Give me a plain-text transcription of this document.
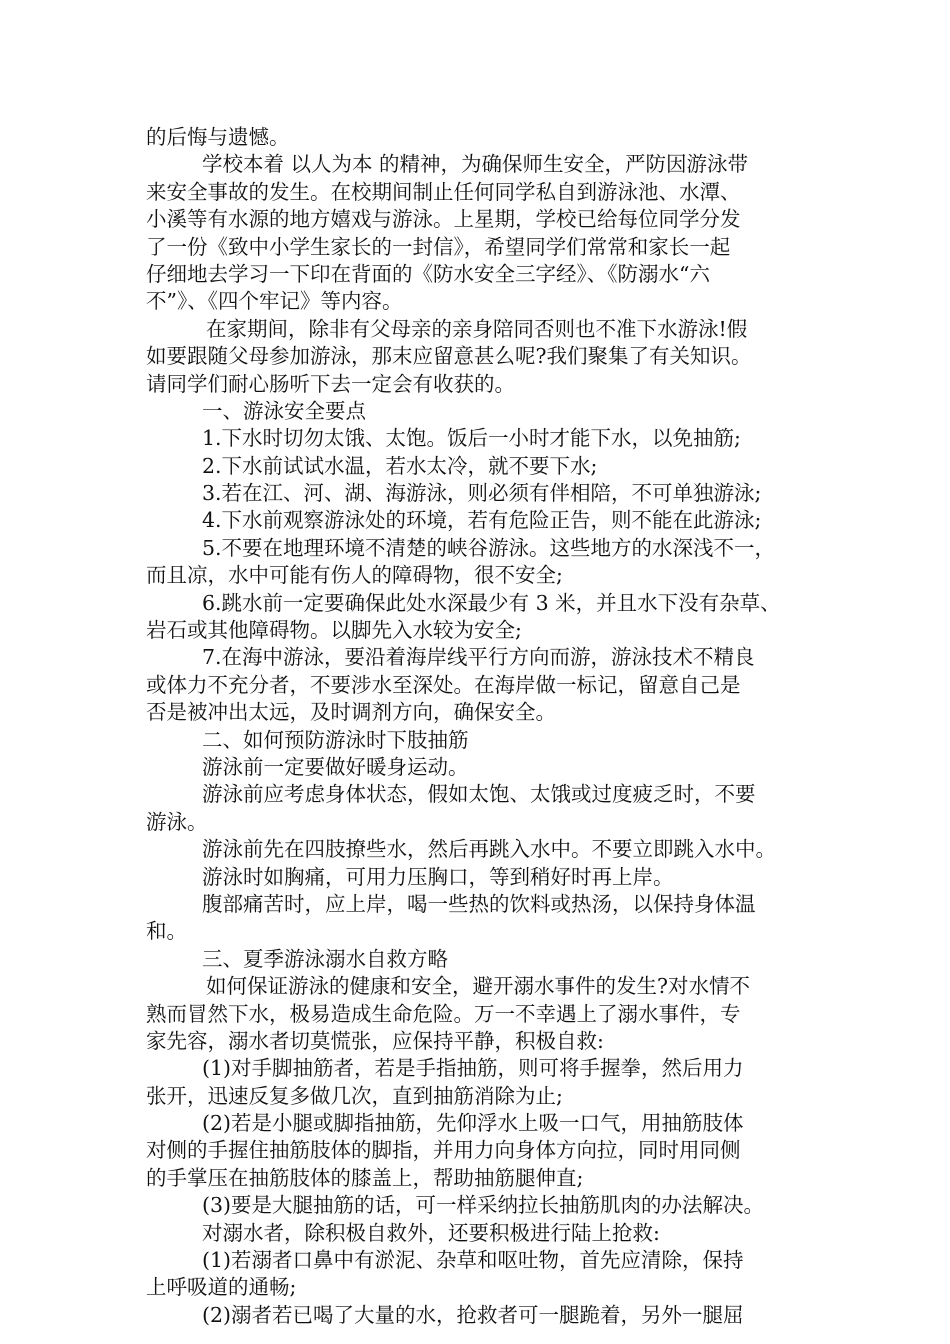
的后悔与遗憾。
学校本着 以人为本 的精神，为确保师生安全，严防因游泳带
来安全事故的发生。在校期间制止任何同学私自到游泳池、水潭、
小溪等有水源的地方嬉戏与游泳。上星期，学校已给每位同学分发
了一份《致中小学生家长的一封信》，希望同学们常常和家长一起
仔细地去学习一下印在背面的《防水安全三字经》、《防溺水“六
不”》、《四个牢记》等内容。
在家期间，除非有父母亲的亲身陪同否则也不准下水游泳!假
如要跟随父母参加游泳，那末应留意甚么呢?我们聚集了有关知识。
请同学们耐心肠听下去一定会有收获的。
一、游泳安全要点
1.下水时切勿太饿、太饱。饭后一小时才能下水，以免抽筋;
2.下水前试试水温，若水太冷，就不要下水;
3.若在江、河、湖、海游泳，则必须有伴相陪，不可单独游泳;
4.下水前观察游泳处的环境，若有危险正告，则不能在此游泳;
5.不要在地理环境不清楚的峡谷游泳。这些地方的水深浅不一，
而且凉，水中可能有伤人的障碍物，很不安全;
6.跳水前一定要确保此处水深最少有 3 米，并且水下没有杂草、
岩石或其他障碍物。以脚先入水较为安全;
7.在海中游泳，要沿着海岸线平行方向而游，游泳技术不精良
或体力不充分者，不要涉水至深处。在海岸做一标记，留意自己是
否是被冲出太远，及时调剂方向，确保安全。
二、如何预防游泳时下肢抽筋
游泳前一定要做好暖身运动。
游泳前应考虑身体状态，假如太饱、太饿或过度疲乏时，不要
游泳。
游泳前先在四肢撩些水，然后再跳入水中。不要立即跳入水中。
游泳时如胸痛，可用力压胸口，等到稍好时再上岸。
腹部痛苦时，应上岸，喝一些热的饮料或热汤，以保持身体温
和。
三、夏季游泳溺水自救方略
如何保证游泳的健康和安全，避开溺水事件的发生?对水情不
熟而冒然下水，极易造成生命危险。万一不幸遇上了溺水事件，专
家先容，溺水者切莫慌张，应保持平静，积极自救:
(1)对手脚抽筋者，若是手指抽筋，则可将手握拳，然后用力
张开，迅速反复多做几次，直到抽筋消除为止;
(2)若是小腿或脚指抽筋，先仰浮水上吸一口气，用抽筋肢体
对侧的手握住抽筋肢体的脚指，并用力向身体方向拉，同时用同侧
的手掌压在抽筋肢体的膝盖上，帮助抽筋腿伸直;
(3)要是大腿抽筋的话，可一样采纳拉长抽筋肌肉的办法解决。
对溺水者，除积极自救外，还要积极进行陆上抢救:
(1)若溺者口鼻中有淤泥、杂草和呕吐物，首先应清除，保持
上呼吸道的通畅;
(2)溺者若已喝了大量的水，抢救者可一腿跪着，另外一腿屈
